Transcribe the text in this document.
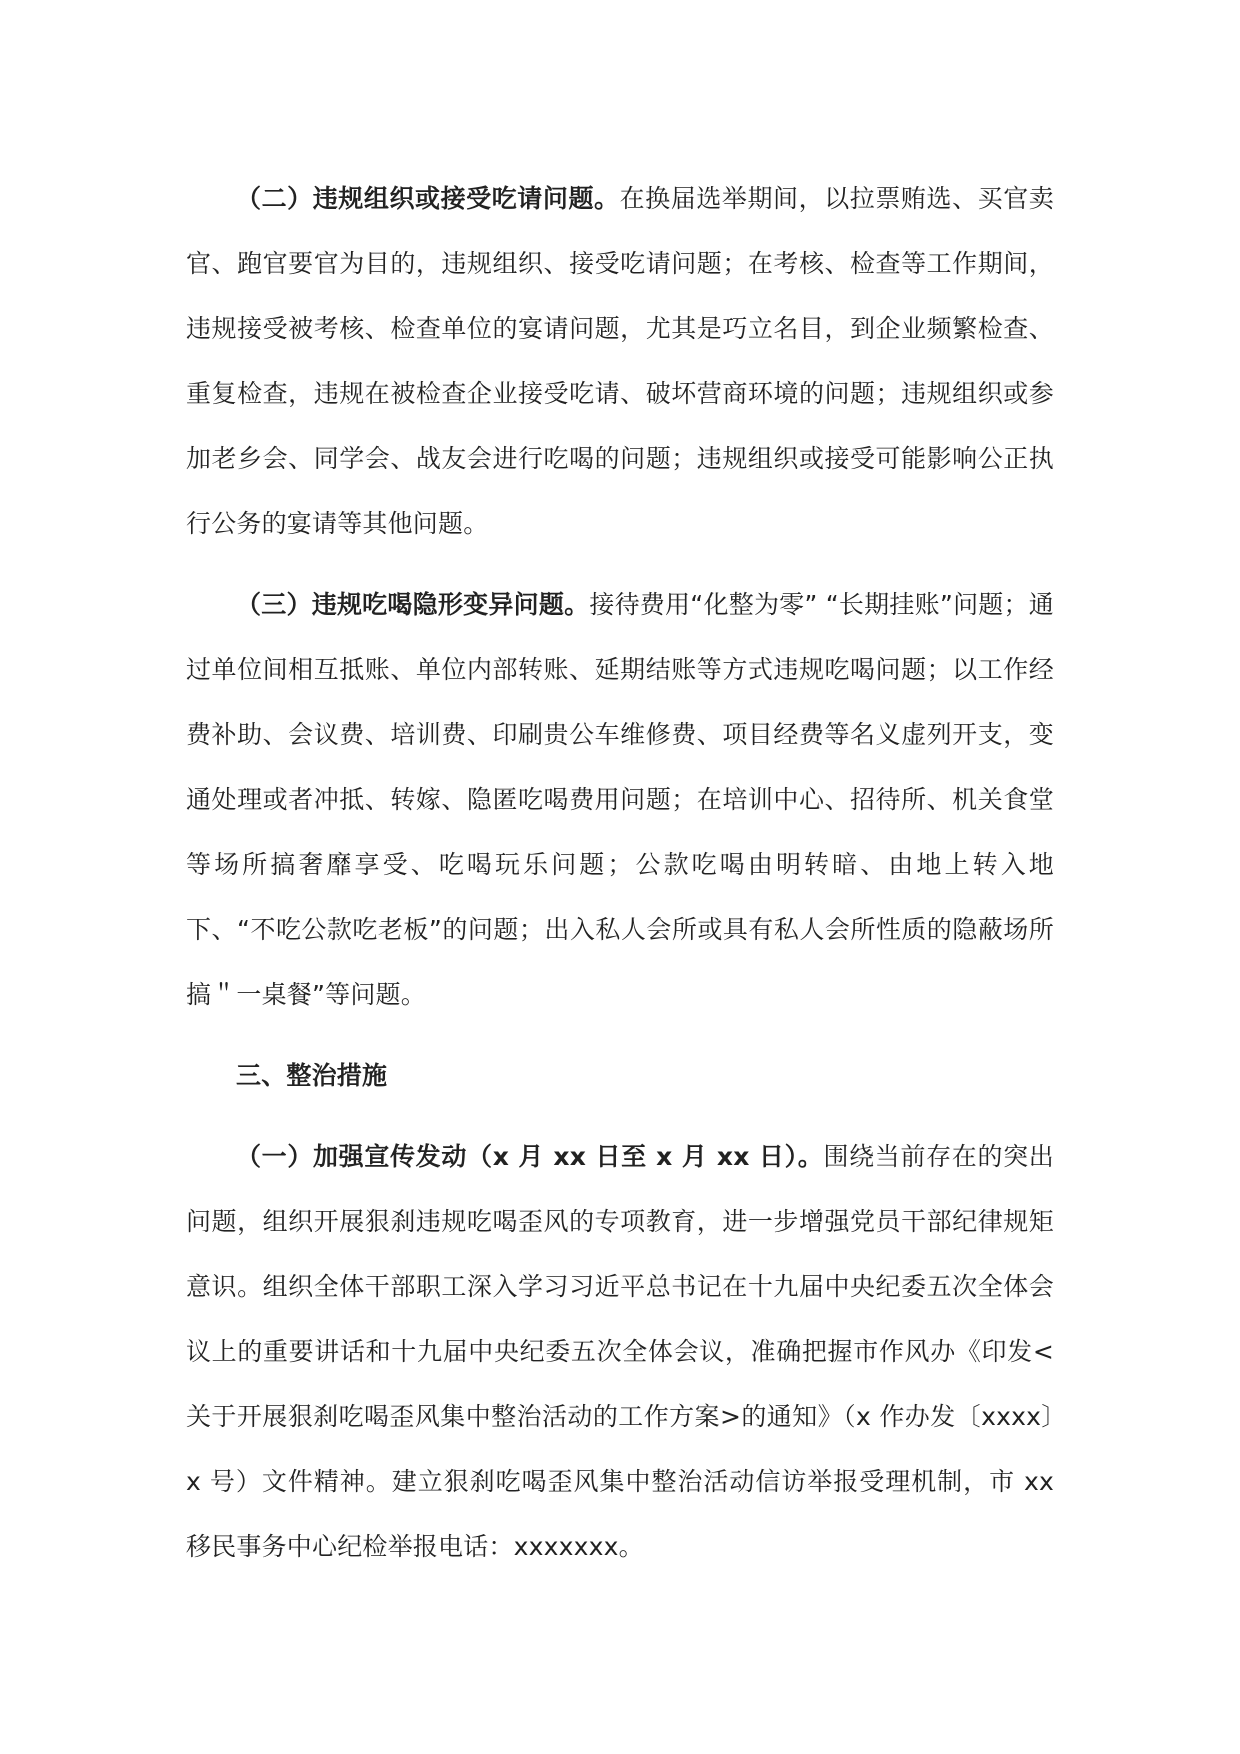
（二）违规组织或接受吃请问题。在换届选举期间，以拉票贿选、买官卖官、跑官要官为目的，违规组织、接受吃请问题；在考核、检查等工作期间，违规接受被考核、检查单位的宴请问题，尤其是巧立名目，到企业频繁检查、重复检查，违规在被检查企业接受吃请、破坏营商环境的问题；违规组织或参加老乡会、同学会、战友会进行吃喝的问题；违规组织或接受可能影响公正执行公务的宴请等其他问题。

（三）违规吃喝隐形变异问题。接待费用“化整为零” “长期挂账”问题；通过单位间相互抵账、单位内部转账、延期结账等方式违规吃喝问题；以工作经费补助、会议费、培训费、印刷贵公车维修费、项目经费等名义虚列开支，变通处理或者冲抵、转嫁、隐匿吃喝费用问题；在培训中心、招待所、机关食堂等场所搞奢靡享受、吃喝玩乐问题；公款吃喝由明转暗、由地上转入地下、“不吃公款吃老板”的问题；出入私人会所或具有私人会所性质的隐蔽场所搞＂一桌餐”等问题。

三、整治措施

（一）加强宣传发动（x 月 xx 日至 x 月 xx 日）。围绕当前存在的突出问题，组织开展狠刹违规吃喝歪风的专项教育，进一步增强党员干部纪律规矩意识。组织全体干部职工深入学习习近平总书记在十九届中央纪委五次全体会议上的重要讲话和十九届中央纪委五次全体会议，准确把握市作风办《印发<关于开展狠刹吃喝歪风集中整治活动的工作方案>的通知》（x 作办发〔xxxx〕x 号）文件精神。建立狠刹吃喝歪风集中整治活动信访举报受理机制，市 xx 移民事务中心纪检举报电话：xxxxxxx。
